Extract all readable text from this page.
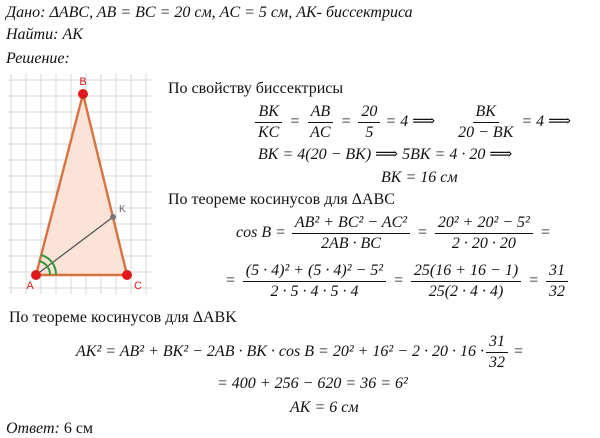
Дано: ΔABC, AB = BC = 20 см, AC = 5 см, AK- биссектриса
Найти: AK
Решение:
B
A	C
K
По свойству биссектрисы
$\frac{BK}{KC} = \frac{AB}{AC} = \frac{20}{5} = 4$ ⟹ $\frac{BK}{20 - BK} = 4$ ⟹
BK = 4(20 − BK) ⟹ 5BK = 4 · 20 ⟹
BK = 16 см
По теореме косинусов для ΔABC
$\cos B = \frac{\text{AB² + BC² − AC²}}{2AB \cdot BC} = \frac{\text{20² + 20² − 5²}}{2 \cdot 20 \cdot 20}$ =
= $\frac{\text{(5 · 4)² + (5 · 4)² − 5²}}{2 \cdot 5 \cdot 4 \cdot 5 \cdot 4} = \frac{25(16 + 16 - 1)}{25(2 \cdot 4 \cdot 4)} = \frac{31}{32}$
По теореме косинусов для ΔABK
AK² = AB² + BK² − 2AB · BK · $\cos B = 20^2 + 16^2 - 2 \cdot 20 \cdot 16 \cdot \frac{31}{32}$ =
= 400 + 256 − 620 = 36 = 6²
AK = 6 см
Ответ: 6 см
